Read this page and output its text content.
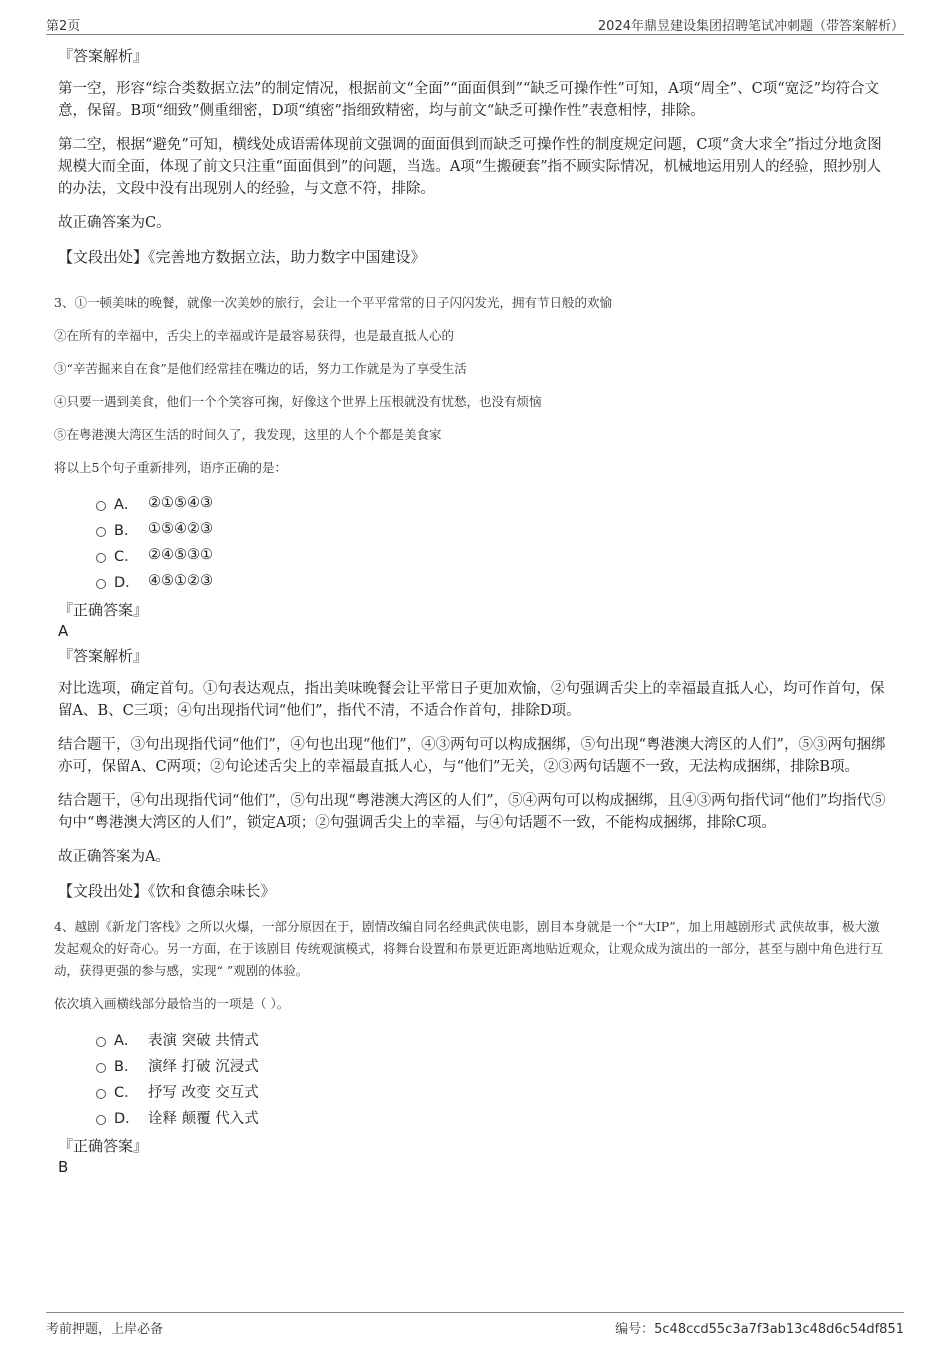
第2页	2024年鼎昱建设集团招聘笔试冲刺题（带答案解析）
『答案解析』

第一空，形容“综合类数据立法”的制定情况，根据前文“全面”“面面俱到”“缺乏可操作性”可知，A项“周全”、C项“宽泛”均符合文意，保留。B项“细致”侧重细密，D项“缜密”指细致精密，均与前文“缺乏可操作性”表意相悖，排除。

第二空，根据“避免”可知，横线处成语需体现前文强调的面面俱到而缺乏可操作性的制度规定问题，C项“贪大求全”指过分地贪图规模大而全面，体现了前文只注重“面面俱到”的问题，当选。A项“生搬硬套”指不顾实际情况，机械地运用别人的经验，照抄别人的办法，文段中没有出现别人的经验，与文意不符，排除。

故正确答案为C。

【文段出处】《完善地方数据立法，助力数字中国建设》

3、①一顿美味的晚餐，就像一次美妙的旅行，会让一个平平常常的日子闪闪发光，拥有节日般的欢愉
②在所有的幸福中，舌尖上的幸福或许是最容易获得，也是最直抵人心的
③“辛苦掘来自在食”是他们经常挂在嘴边的话，努力工作就是为了享受生活
④只要一遇到美食，他们一个个笑容可掬，好像这个世界上压根就没有忧愁，也没有烦恼
⑤在粤港澳大湾区生活的时间久了，我发现，这里的人个个都是美食家
将以上5个句子重新排列，语序正确的是：
A． ②①⑤④③
B． ①⑤④②③
C． ②④⑤③①
D． ④⑤①②③
『正确答案』
A
『答案解析』

对比选项，确定首句。①句表达观点，指出美味晚餐会让平常日子更加欢愉，②句强调舌尖上的幸福最直抵人心，均可作首句，保留A、B、C三项；④句出现指代词“他们”，指代不清，不适合作首句，排除D项。

结合题干，③句出现指代词“他们”，④句也出现“他们”，④③两句可以构成捆绑，⑤句出现“粤港澳大湾区的人们”，⑤③两句捆绑亦可，保留A、C两项；②句论述舌尖上的幸福最直抵人心，与“他们”无关，②③两句话题不一致，无法构成捆绑，排除B项。

结合题干，④句出现指代词“他们”，⑤句出现“粤港澳大湾区的人们”，⑤④两句可以构成捆绑，且④③两句指代词“他们”均指代⑤句中“粤港澳大湾区的人们”，锁定A项；②句强调舌尖上的幸福，与④句话题不一致，不能构成捆绑，排除C项。

故正确答案为A。

【文段出处】《饮和食德余味长》

4、越剧《新龙门客栈》之所以火爆，一部分原因在于，剧情改编自同名经典武侠电影，剧目本身就是一个“大IP”，加上用越剧形式 武侠故事，极大激发起观众的好奇心。另一方面，在于该剧目 传统观演模式，将舞台设置和布景更近距离地贴近观众，让观众成为演出的一部分，甚至与剧中角色进行互动，获得更强的参与感，实现“ ”观剧的体验。
依次填入画横线部分最恰当的一项是（ ）。
A． 表演 突破 共情式
B． 演绎 打破 沉浸式
C． 抒写 改变 交互式
D． 诠释 颠覆 代入式
『正确答案』
B
考前押题，上岸必备	编号：5c48ccd55c3a7f3ab13c48d6c54df851
